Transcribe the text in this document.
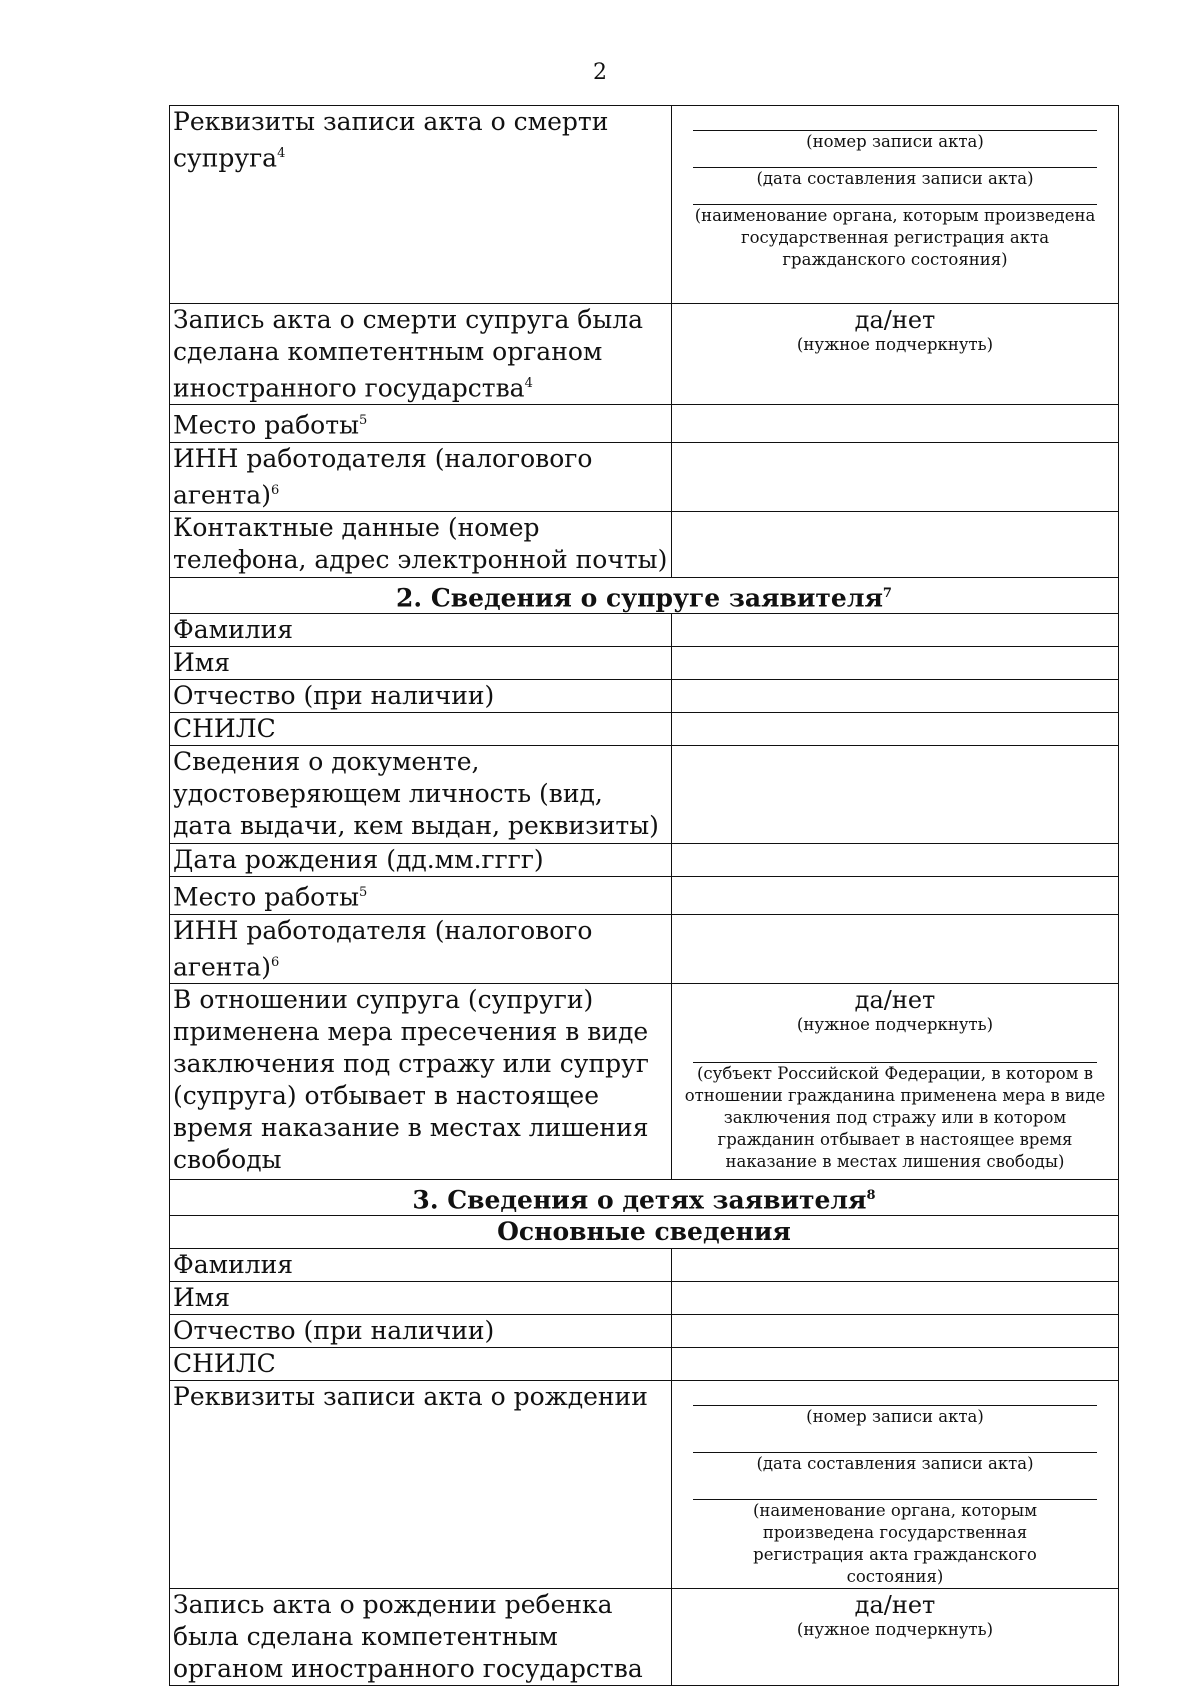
2
Реквизиты записи акта о смерти супруга$^4$	(номер записи акта)
(дата составления записи акта)
(наименование органа, которым произведена государственная регистрация акта гражданского состояния)

Запись акта о смерти супруга была сделана компетентным органом иностранного государства$^4$	да/нет
(нужное подчеркнуть)

Место работы$^5$	
ИНН работодателя (налогового агента)$^6$	
Контактные данные (номер телефона, адрес электронной почты)	
2. Сведения о супруге заявителя$^7$
Фамилия	
Имя	
Отчество (при наличии)	
СНИЛС	
Сведения о документе, удостоверяющем личность (вид, дата выдачи, кем выдан, реквизиты)	
Дата рождения (дд.мм.гггг)	
Место работы$^5$	
ИНН работодателя (налогового агента)$^6$	
В отношении супруга (супруги) применена мера пресечения в виде заключения под стражу или супруг (супруга) отбывает в настоящее время наказание в местах лишения свободы	да/нет
(нужное подчеркнуть)
(субъект Российской Федерации, в котором в отношении гражданина применена мера в виде заключения под стражу или в котором гражданин отбывает в настоящее время наказание в местах лишения свободы)

3. Сведения о детях заявителя$^8$
Основные сведения	
Фамилия	
Имя	
Отчество (при наличии)	
СНИЛС	
Реквизиты записи акта о рождении	(номер записи акта)
(дата составления записи акта)
(наименование органа, которым произведена государственная регистрация акта гражданского состояния)

Запись акта о рождении ребенка была сделана компетентным органом иностранного государства	да/нет
(нужное подчеркнуть)
